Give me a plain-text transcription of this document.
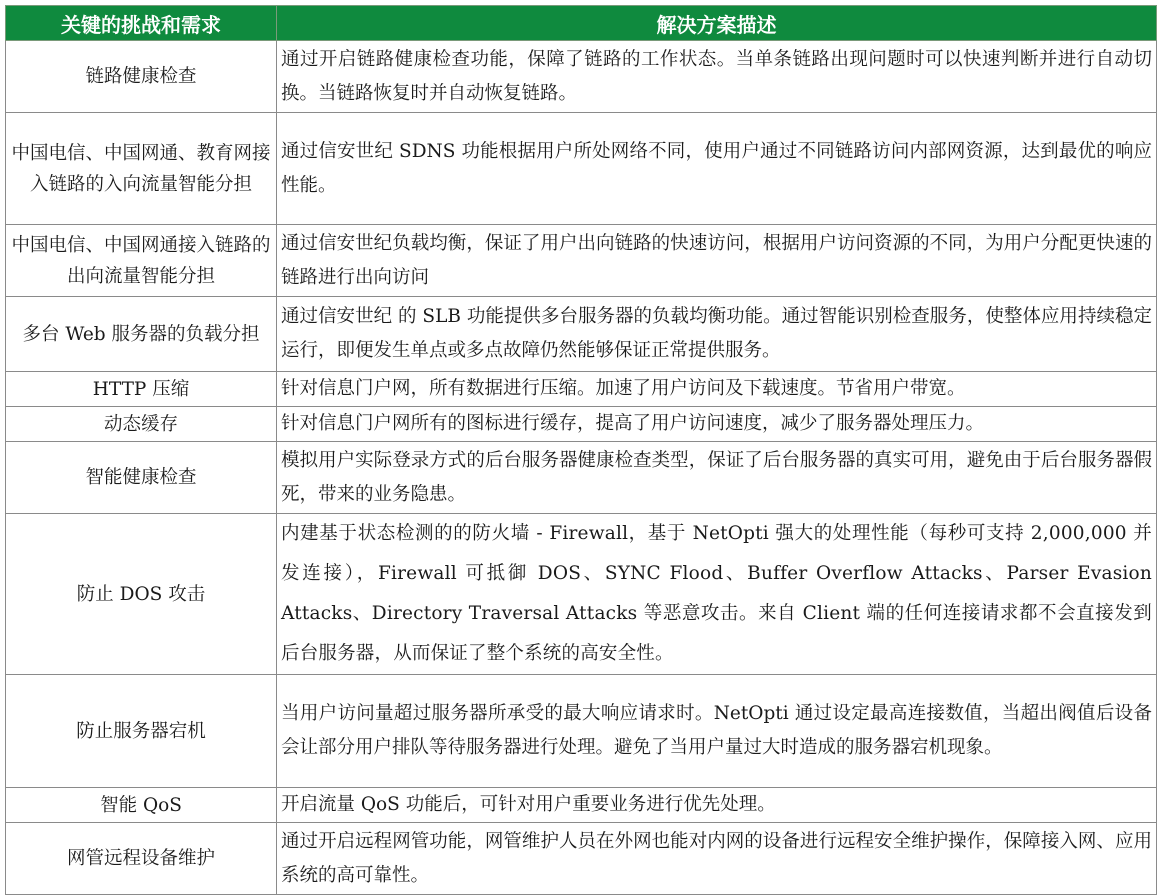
关键的挑战和需求	解决方案描述
链路健康检查	通过开启链路健康检查功能，保障了链路的工作状态。当单条链路出现问题时可以快速判断并进行自动切换。当链路恢复时并自动恢复链路。
中国电信、中国网通、教育网接入链路的入向流量智能分担	通过信安世纪 SDNS 功能根据用户所处网络不同，使用户通过不同链路访问内部网资源，达到最优的响应性能。
中国电信、中国网通接入链路的出向流量智能分担	通过信安世纪负载均衡，保证了用户出向链路的快速访问，根据用户访问资源的不同，为用户分配更快速的链路进行出向访问
多台 Web 服务器的负载分担	通过信安世纪 的 SLB 功能提供多台服务器的负载均衡功能。通过智能识别检查服务，使整体应用持续稳定运行，即便发生单点或多点故障仍然能够保证正常提供服务。
HTTP 压缩	针对信息门户网，所有数据进行压缩。加速了用户访问及下载速度。节省用户带宽。
动态缓存	针对信息门户网所有的图标进行缓存，提高了用户访问速度，减少了服务器处理压力。
智能健康检查	模拟用户实际登录方式的后台服务器健康检查类型，保证了后台服务器的真实可用，避免由于后台服务器假死，带来的业务隐患。
防止 DOS 攻击	内建基于状态检测的的防火墙 - Firewall，基于 NetOpti 强大的处理性能（每秒可支持 2,000,000 并发连接），Firewall 可抵御 DOS、SYNC Flood、Buffer Overflow Attacks、Parser Evasion Attacks、Directory Traversal Attacks 等恶意攻击。来自 Client 端的任何连接请求都不会直接发到后台服务器，从而保证了整个系统的高安全性。
防止服务器宕机	当用户访问量超过服务器所承受的最大响应请求时。NetOpti 通过设定最高连接数值，当超出阀值后设备会让部分用户排队等待服务器进行处理。避免了当用户量过大时造成的服务器宕机现象。
智能 QoS	开启流量 QoS 功能后，可针对用户重要业务进行优先处理。
网管远程设备维护	通过开启远程网管功能，网管维护人员在外网也能对内网的设备进行远程安全维护操作，保障接入网、应用系统的高可靠性。
